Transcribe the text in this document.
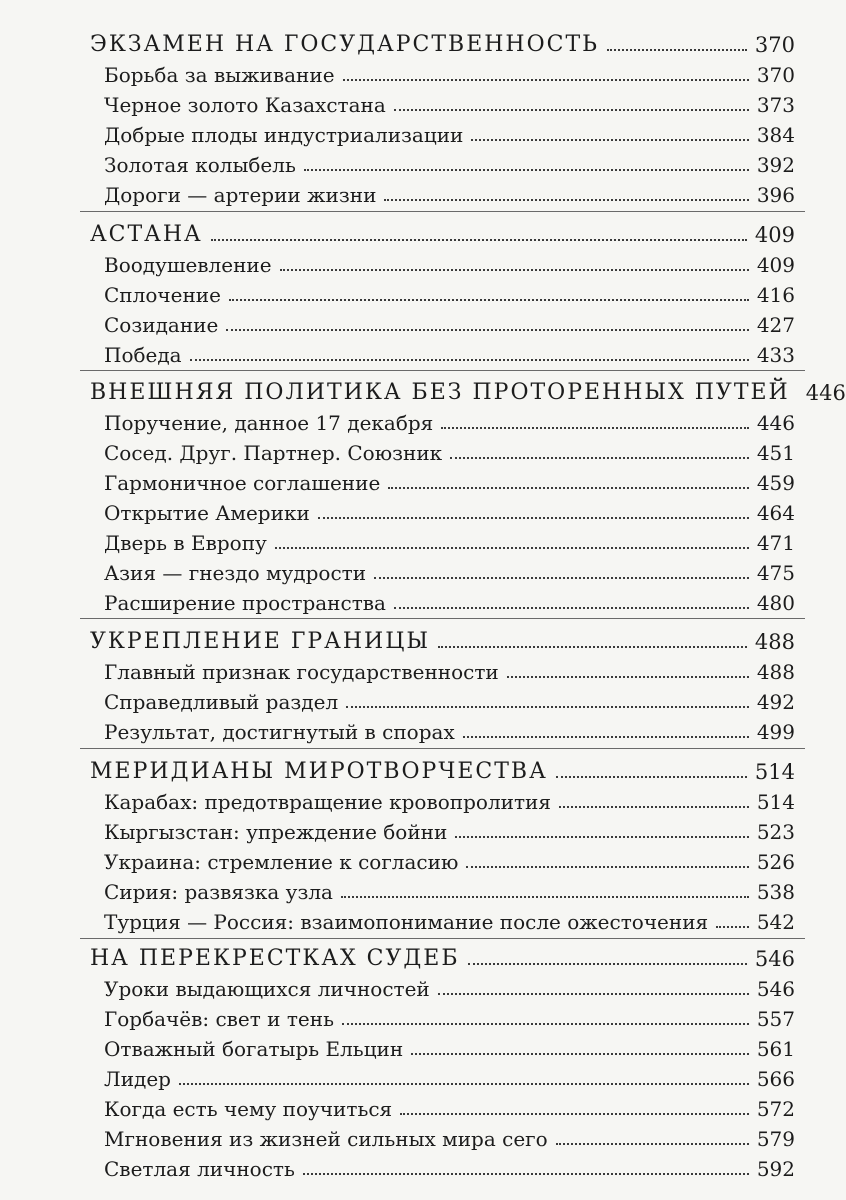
ЭКЗАМЕН НА ГОСУДАРСТВЕННОСТЬ	370
Борьба за выживание	370
Черное золото Казахстана	373
Добрые плоды индустриализации	384
Золотая колыбель	392
Дороги — артерии жизни	396
АСТАНА	409
Воодушевление	409
Сплочение	416
Созидание	427
Победа	433
ВНЕШНЯЯ ПОЛИТИКА БЕЗ ПРОТОРЕННЫХ ПУТЕЙ 446
Поручение, данное 17 декабря	446
Сосед. Друг. Партнер. Союзник	451
Гармоничное соглашение	459
Открытие Америки	464
Дверь в Европу	471
Азия — гнездо мудрости	475
Расширение пространства	480
УКРЕПЛЕНИЕ ГРАНИЦЫ	488
Главный признак государственности	488
Справедливый раздел	492
Результат, достигнутый в спорах	499
МЕРИДИАНЫ МИРОТВОРЧЕСТВА	514
Карабах: предотвращение кровопролития	514
Кыргызстан: упреждение бойни	523
Украина: стремление к согласию	526
Сирия: развязка узла	538
Турция — Россия: взаимопонимание после ожесточения 542
НА ПЕРЕКРЕСТКАХ СУДЕБ	546
Уроки выдающихся личностей	546
Горбачёв: свет и тень	557
Отважный богатырь Ельцин	561
Лидер	566
Когда есть чему поучиться	572
Мгновения из жизней сильных мира сего	579
Светлая личность	592
